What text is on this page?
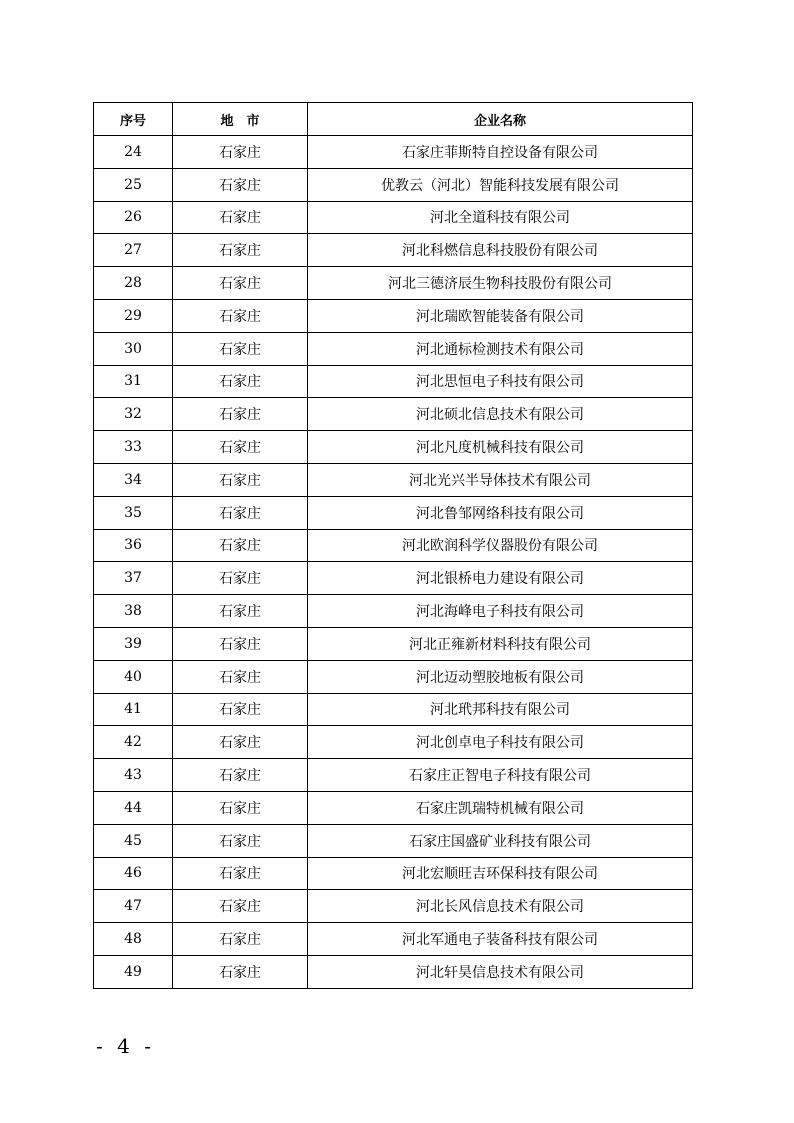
序号	地　市	企业名称
24	石家庄	石家庄菲斯特自控设备有限公司
25	石家庄	优教云（河北）智能科技发展有限公司
26	石家庄	河北全道科技有限公司
27	石家庄	河北科燃信息科技股份有限公司
28	石家庄	河北三德济辰生物科技股份有限公司
29	石家庄	河北瑞欧智能装备有限公司
30	石家庄	河北通标检测技术有限公司
31	石家庄	河北思恒电子科技有限公司
32	石家庄	河北硕北信息技术有限公司
33	石家庄	河北凡度机械科技有限公司
34	石家庄	河北光兴半导体技术有限公司
35	石家庄	河北鲁邹网络科技有限公司
36	石家庄	河北欧润科学仪器股份有限公司
37	石家庄	河北银桥电力建设有限公司
38	石家庄	河北海峰电子科技有限公司
39	石家庄	河北正雍新材料科技有限公司
40	石家庄	河北迈动塑胶地板有限公司
41	石家庄	河北玳邦科技有限公司
42	石家庄	河北创卓电子科技有限公司
43	石家庄	石家庄正智电子科技有限公司
44	石家庄	石家庄凯瑞特机械有限公司
45	石家庄	石家庄国盛矿业科技有限公司
46	石家庄	河北宏顺旺吉环保科技有限公司
47	石家庄	河北长风信息技术有限公司
48	石家庄	河北军通电子装备科技有限公司
49	石家庄	河北轩昊信息技术有限公司
- 4 -
